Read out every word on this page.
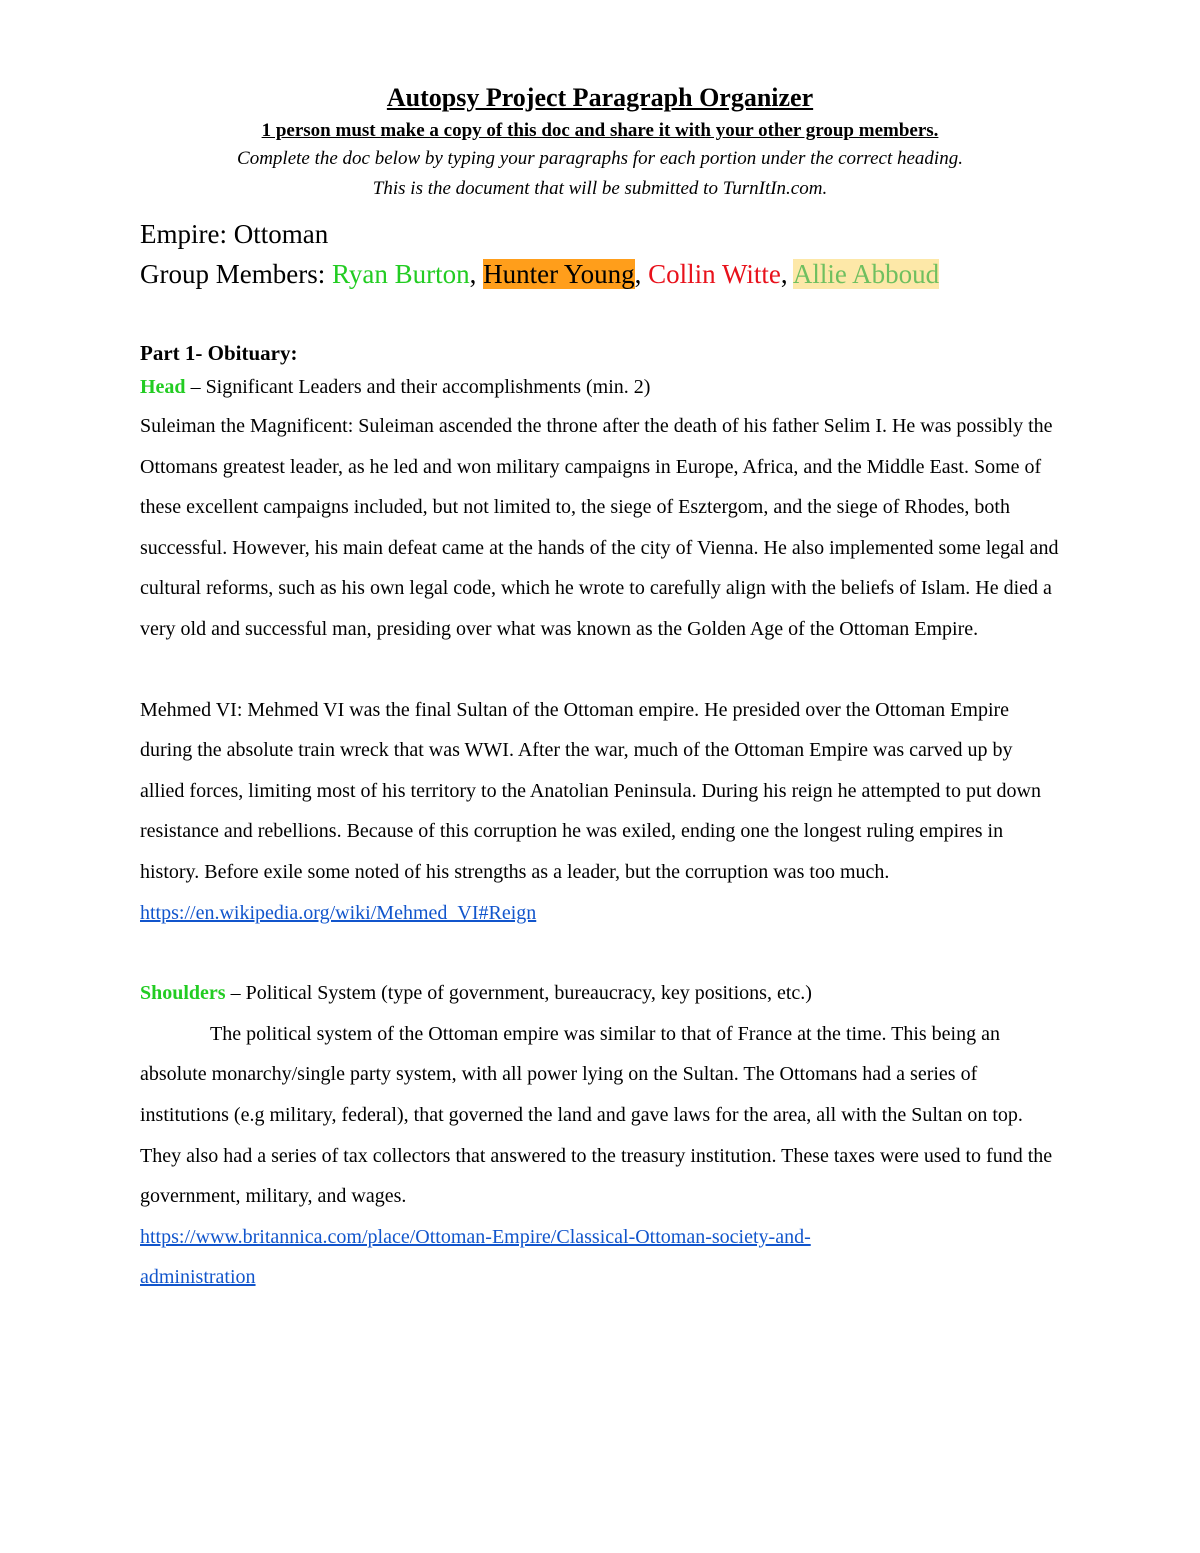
Autopsy Project Paragraph Organizer

1 person must make a copy of this doc and share it with your other group members.

Complete the doc below by typing your paragraphs for each portion under the correct heading.

This is the document that will be submitted to TurnItIn.com.

Empire: Ottoman

Group Members: Ryan Burton, Hunter Young, Collin Witte, Allie Abboud

Part 1- Obituary:

Head – Significant Leaders and their accomplishments (min. 2)

Suleiman the Magnificent: Suleiman ascended the throne after the death of his father Selim I. He was possibly the Ottomans greatest leader, as he led and won military campaigns in Europe, Africa, and the Middle East. Some of these excellent campaigns included, but not limited to, the siege of Esztergom, and the siege of Rhodes, both successful. However, his main defeat came at the hands of the city of Vienna. He also implemented some legal and cultural reforms, such as his own legal code, which he wrote to carefully align with the beliefs of Islam. He died a very old and successful man, presiding over what was known as the Golden Age of the Ottoman Empire.

Mehmed VI: Mehmed VI was the final Sultan of the Ottoman empire. He presided over the Ottoman Empire during the absolute train wreck that was WWI. After the war, much of the Ottoman Empire was carved up by allied forces, limiting most of his territory to the Anatolian Peninsula. During his reign he attempted to put down resistance and rebellions. Because of this corruption he was exiled, ending one the longest ruling empires in history. Before exile some noted of his strengths as a leader, but the corruption was too much.

https://en.wikipedia.org/wiki/Mehmed_VI#Reign

Shoulders – Political System (type of government, bureaucracy, key positions, etc.)

The political system of the Ottoman empire was similar to that of France at the time. This being an absolute monarchy/single party system, with all power lying on the Sultan. The Ottomans had a series of institutions (e.g military, federal), that governed the land and gave laws for the area, all with the Sultan on top. They also had a series of tax collectors that answered to the treasury institution. These taxes were used to fund the government, military, and wages.

https://www.britannica.com/place/Ottoman-Empire/Classical-Ottoman-society-and-
administration
